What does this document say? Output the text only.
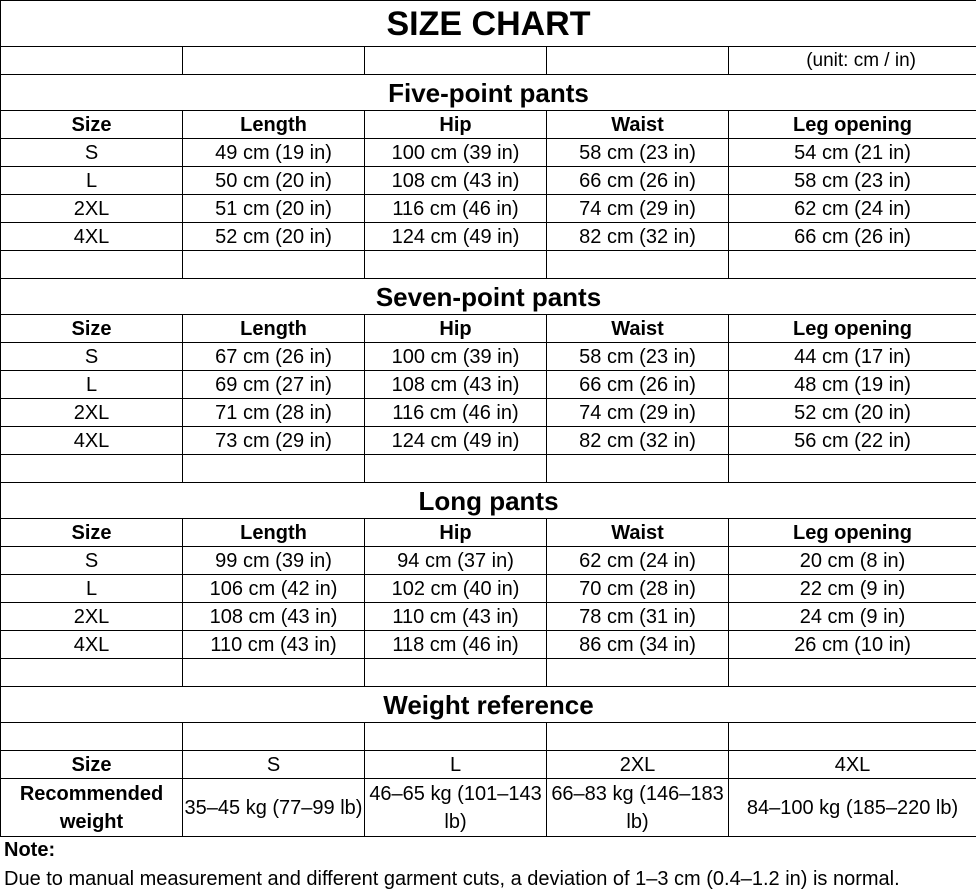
SIZE CHART				
				(unit: cm / in)
Five-point pants				
Size	Length	Hip	Waist	Leg opening
S	49 cm (19 in)	100 cm (39 in)	58 cm (23 in)	54 cm (21 in)
L	50 cm (20 in)	108 cm (43 in)	66 cm (26 in)	58 cm (23 in)
2XL	51 cm (20 in)	116 cm (46 in)	74 cm (29 in)	62 cm (24 in)
4XL	52 cm (20 in)	124 cm (49 in)	82 cm (32 in)	66 cm (26 in)

Seven-point pants				
Size	Length	Hip	Waist	Leg opening
S	67 cm (26 in)	100 cm (39 in)	58 cm (23 in)	44 cm (17 in)
L	69 cm (27 in)	108 cm (43 in)	66 cm (26 in)	48 cm (19 in)
2XL	71 cm (28 in)	116 cm (46 in)	74 cm (29 in)	52 cm (20 in)
4XL	73 cm (29 in)	124 cm (49 in)	82 cm (32 in)	56 cm (22 in)

Long pants				
Size	Length	Hip	Waist	Leg opening
S	99 cm (39 in)	94 cm (37 in)	62 cm (24 in)	20 cm (8 in)
L	106 cm (42 in)	102 cm (40 in)	70 cm (28 in)	22 cm (9 in)
2XL	108 cm (43 in)	110 cm (43 in)	78 cm (31 in)	24 cm (9 in)
4XL	110 cm (43 in)	118 cm (46 in)	86 cm (34 in)	26 cm (10 in)

Weight reference				

Size	S	L	2XL	4XL
Recommended weight	35–45 kg (77–99 lb)	46–65 kg (101–143 lb)	66–83 kg (146–183 lb)	84–100 kg (185–220 lb)
Note:
Due to manual measurement and different garment cuts, a deviation of 1–3 cm (0.4–1.2 in) is normal.
